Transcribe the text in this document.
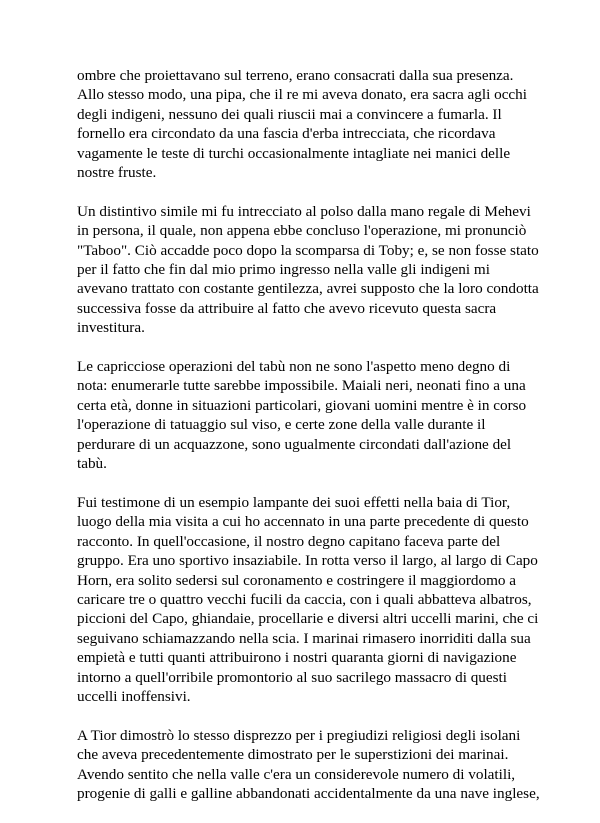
ombre che proiettavano sul terreno, erano consacrati dalla sua presenza.
Allo stesso modo, una pipa, che il re mi aveva donato, era sacra agli occhi
degli indigeni, nessuno dei quali riuscii mai a convincere a fumarla. Il
fornello era circondato da una fascia d'erba intrecciata, che ricordava
vagamente le teste di turchi occasionalmente intagliate nei manici delle
nostre fruste.

Un distintivo simile mi fu intrecciato al polso dalla mano regale di Mehevi
in persona, il quale, non appena ebbe concluso l'operazione, mi pronunciò
"Taboo". Ciò accadde poco dopo la scomparsa di Toby; e, se non fosse stato
per il fatto che fin dal mio primo ingresso nella valle gli indigeni mi
avevano trattato con costante gentilezza, avrei supposto che la loro condotta
successiva fosse da attribuire al fatto che avevo ricevuto questa sacra
investitura.

Le capricciose operazioni del tabù non ne sono l'aspetto meno degno di
nota: enumerarle tutte sarebbe impossibile. Maiali neri, neonati fino a una
certa età, donne in situazioni particolari, giovani uomini mentre è in corso
l'operazione di tatuaggio sul viso, e certe zone della valle durante il
perdurare di un acquazzone, sono ugualmente circondati dall'azione del
tabù.

Fui testimone di un esempio lampante dei suoi effetti nella baia di Tior,
luogo della mia visita a cui ho accennato in una parte precedente di questo
racconto. In quell'occasione, il nostro degno capitano faceva parte del
gruppo. Era uno sportivo insaziabile. In rotta verso il largo, al largo di Capo
Horn, era solito sedersi sul coronamento e costringere il maggiordomo a
caricare tre o quattro vecchi fucili da caccia, con i quali abbatteva albatros,
piccioni del Capo, ghiandaie, procellarie e diversi altri uccelli marini, che ci
seguivano schiamazzando nella scia. I marinai rimasero inorriditi dalla sua
empietà e tutti quanti attribuirono i nostri quaranta giorni di navigazione
intorno a quell'orribile promontorio al suo sacrilego massacro di questi
uccelli inoffensivi.

A Tior dimostrò lo stesso disprezzo per i pregiudizi religiosi degli isolani
che aveva precedentemente dimostrato per le superstizioni dei marinai.
Avendo sentito che nella valle c'era un considerevole numero di volatili,
progenie di galli e galline abbandonati accidentalmente da una nave inglese,
